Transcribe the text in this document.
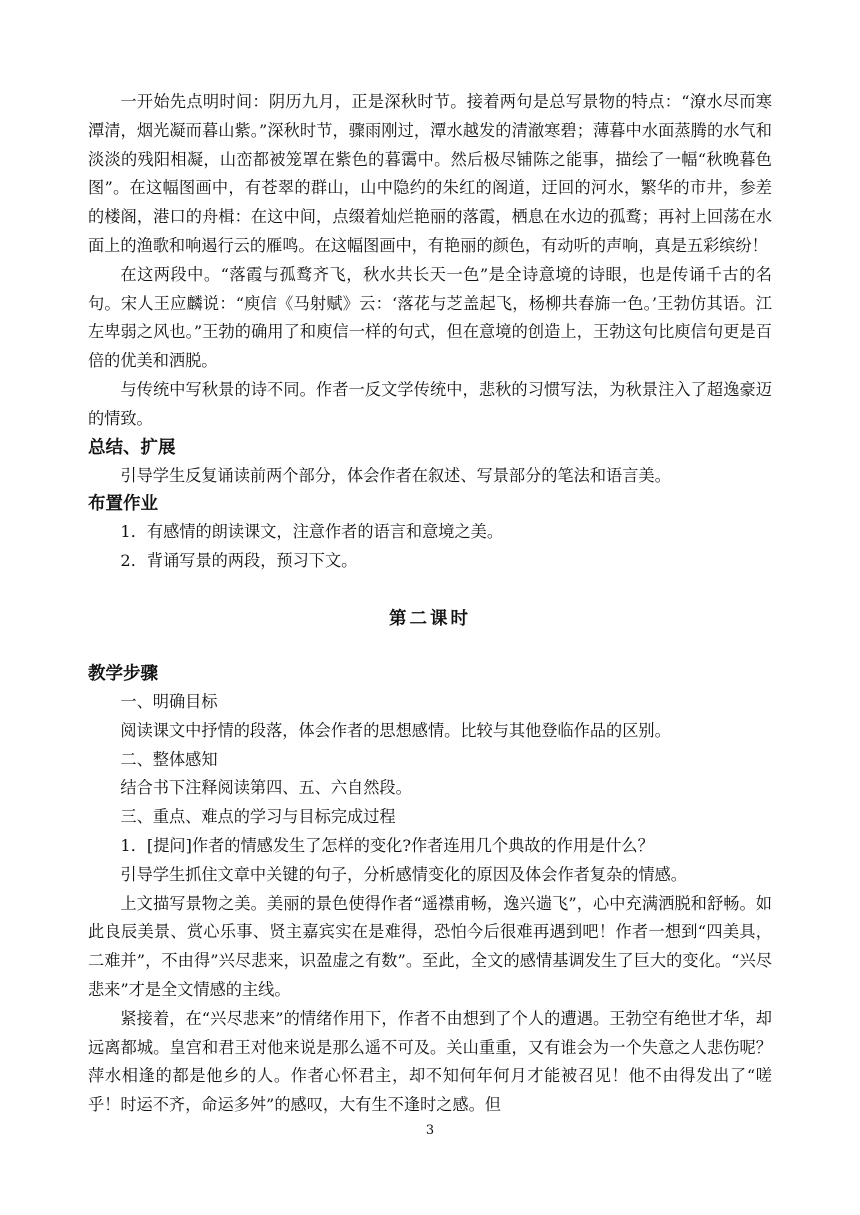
一开始先点明时间：阴历九月，正是深秋时节。接着两句是总写景物的特点：“潦水尽而寒潭清，烟光凝而暮山紫。”深秋时节，骤雨刚过，潭水越发的清澈寒碧；薄暮中水面蒸腾的水气和淡淡的残阳相凝，山峦都被笼罩在紫色的暮霭中。然后极尽铺陈之能事，描绘了一幅“秋晚暮色图”。在这幅图画中，有苍翠的群山，山中隐约的朱红的阁道，迂回的河水，繁华的市井，参差的楼阁，港口的舟楫：在这中间，点缀着灿烂艳丽的落霞，栖息在水边的孤鹜；再衬上回荡在水面上的渔歌和响遏行云的雁鸣。在这幅图画中，有艳丽的颜色，有动听的声响，真是五彩缤纷！

在这两段中。“落霞与孤鹜齐飞，秋水共长天一色”是全诗意境的诗眼，也是传诵千古的名句。宋人王应麟说：“庾信《马射赋》云：‘落花与芝盖起飞，杨柳共春旆一色。’王勃仿其语。江左卑弱之风也。”王勃的确用了和庾信一样的句式，但在意境的创造上，王勃这句比庾信句更是百倍的优美和洒脱。

与传统中写秋景的诗不同。作者一反文学传统中，悲秋的习惯写法，为秋景注入了超逸豪迈的情致。

总结、扩展

引导学生反复诵读前两个部分，体会作者在叙述、写景部分的笔法和语言美。

布置作业

1．有感情的朗读课文，注意作者的语言和意境之美。

2．背诵写景的两段，预习下文。

第二课时
教学步骤

一、明确目标

阅读课文中抒情的段落，体会作者的思想感情。比较与其他登临作品的区别。

二、整体感知

结合书下注释阅读第四、五、六自然段。

三、重点、难点的学习与目标完成过程

1．[提问]作者的情感发生了怎样的变化?作者连用几个典故的作用是什么？

引导学生抓住文章中关键的句子，分析感情变化的原因及体会作者复杂的情感。

上文描写景物之美。美丽的景色使得作者“遥襟甫畅，逸兴遄飞”，心中充满洒脱和舒畅。如此良辰美景、赏心乐事、贤主嘉宾实在是难得，恐怕今后很难再遇到吧！作者一想到“四美具，二难并”，不由得”兴尽悲来，识盈虚之有数”。至此，全文的感情基调发生了巨大的变化。“兴尽悲来”才是全文情感的主线。

紧接着，在“兴尽悲来”的情绪作用下，作者不由想到了个人的遭遇。王勃空有绝世才华，却远离都城。皇宫和君王对他来说是那么遥不可及。关山重重，又有谁会为一个失意之人悲伤呢？萍水相逢的都是他乡的人。作者心怀君主，却不知何年何月才能被召见！他不由得发出了“嗟乎！时运不齐，命运多舛”的感叹，大有生不逢时之感。但

3
